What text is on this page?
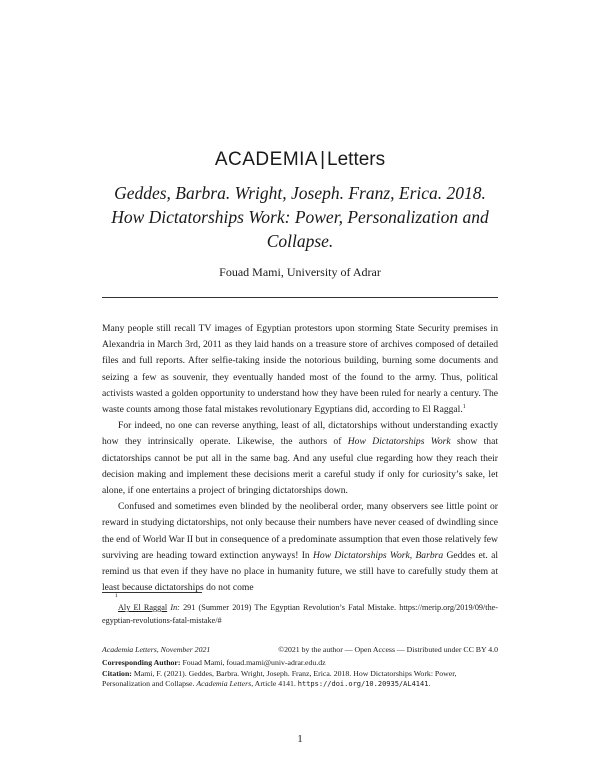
ACADEMIA | Letters
Geddes, Barbra. Wright, Joseph. Franz, Erica. 2018. How Dictatorships Work: Power, Personalization and Collapse.
Fouad Mami, University of Adrar

Many people still recall TV images of Egyptian protestors upon storming State Security premises in Alexandria in March 3rd, 2011 as they laid hands on a treasure store of archives composed of detailed files and full reports. After selfie-taking inside the notorious building, burning some documents and seizing a few as souvenir, they eventually handed most of the found to the army. Thus, political activists wasted a golden opportunity to understand how they have been ruled for nearly a century. The waste counts among those fatal mistakes revolutionary Egyptians did, according to El Raggal.$^1$

For indeed, no one can reverse anything, least of all, dictatorships without understanding exactly how they intrinsically operate. Likewise, the authors of How Dictatorships Work show that dictatorships cannot be put all in the same bag. And any useful clue regarding how they reach their decision making and implement these decisions merit a careful study if only for curiosity’s sake, let alone, if one entertains a project of bringing dictatorships down.

Confused and sometimes even blinded by the neoliberal order, many observers see little point or reward in studying dictatorships, not only because their numbers have never ceased of dwindling since the end of World War II but in consequence of a predominate assumption that even those relatively few surviving are heading toward extinction anyways! In How Dictatorships Work, Barbra Geddes et. al remind us that even if they have no place in humanity future, we still have to carefully study them at least because dictatorships do not come

1
Aly El Raggal In: 291 (Summer 2019) The Egyptian Revolution’s Fatal Mistake. https://merip.org/2019/09/the-egyptian-revolutions-fatal-mistake/#
Academia Letters, November 2021	©2021 by the author — Open Access — Distributed under CC BY 4.0
Corresponding Author: Fouad Mami, fouad.mami@univ-adrar.edu.dz
Citation: Mami, F. (2021). Geddes, Barbra. Wright, Joseph. Franz, Erica. 2018. How Dictatorships Work: Power, Personalization and Collapse. Academia Letters, Article 4141. https://doi.org/10.20935/AL4141.
1
